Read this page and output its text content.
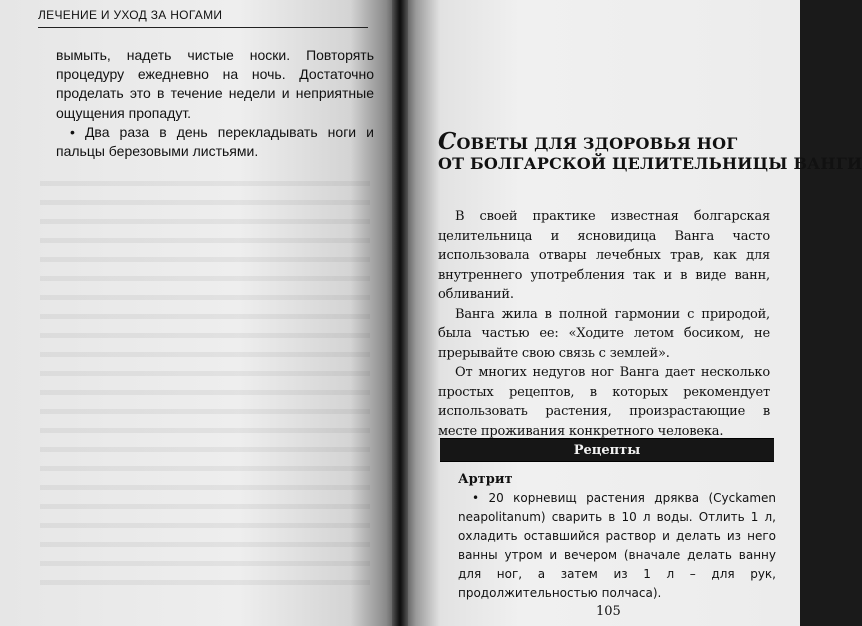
ЛЕЧЕНИЕ И УХОД ЗА НОГАМИ

вымыть, надеть чистые носки. Повторять процедуру ежедневно на ночь. Достаточно проделать это в течение недели и неприятные ощущения пропадут.

• Два раза в день перекладывать ноги и пальцы березовыми листьями.	СОВЕТЫ ДЛЯ ЗДОРОВЬЯ НОГ
ОТ БОЛГАРСКОЙ ЦЕЛИТЕЛЬНИЦЫ ВАНГИ

В своей практике известная болгарская целительница и ясновидица Ванга часто использовала отвары лечебных трав, как для внутреннего употребления так и в виде ванн, обливаний.

Ванга жила в полной гармонии с природой, была частью ее: «Ходите летом босиком, не прерывайте свою связь с землей».

От многих недугов ног Ванга дает несколько простых рецептов, в которых рекомендует использовать растения, произрастающие в месте проживания конкретного человека.

Рецепты
Артрит

• 20 корневищ растения дряква (Cyckamen neapolitanum) сварить в 10 л воды. Отлить 1 л, охладить оставшийся раствор и делать из него ванны утром и вечером (вначале делать ванну для ног, а затем из 1 л – для рук, продолжительностью полчаса).

105
